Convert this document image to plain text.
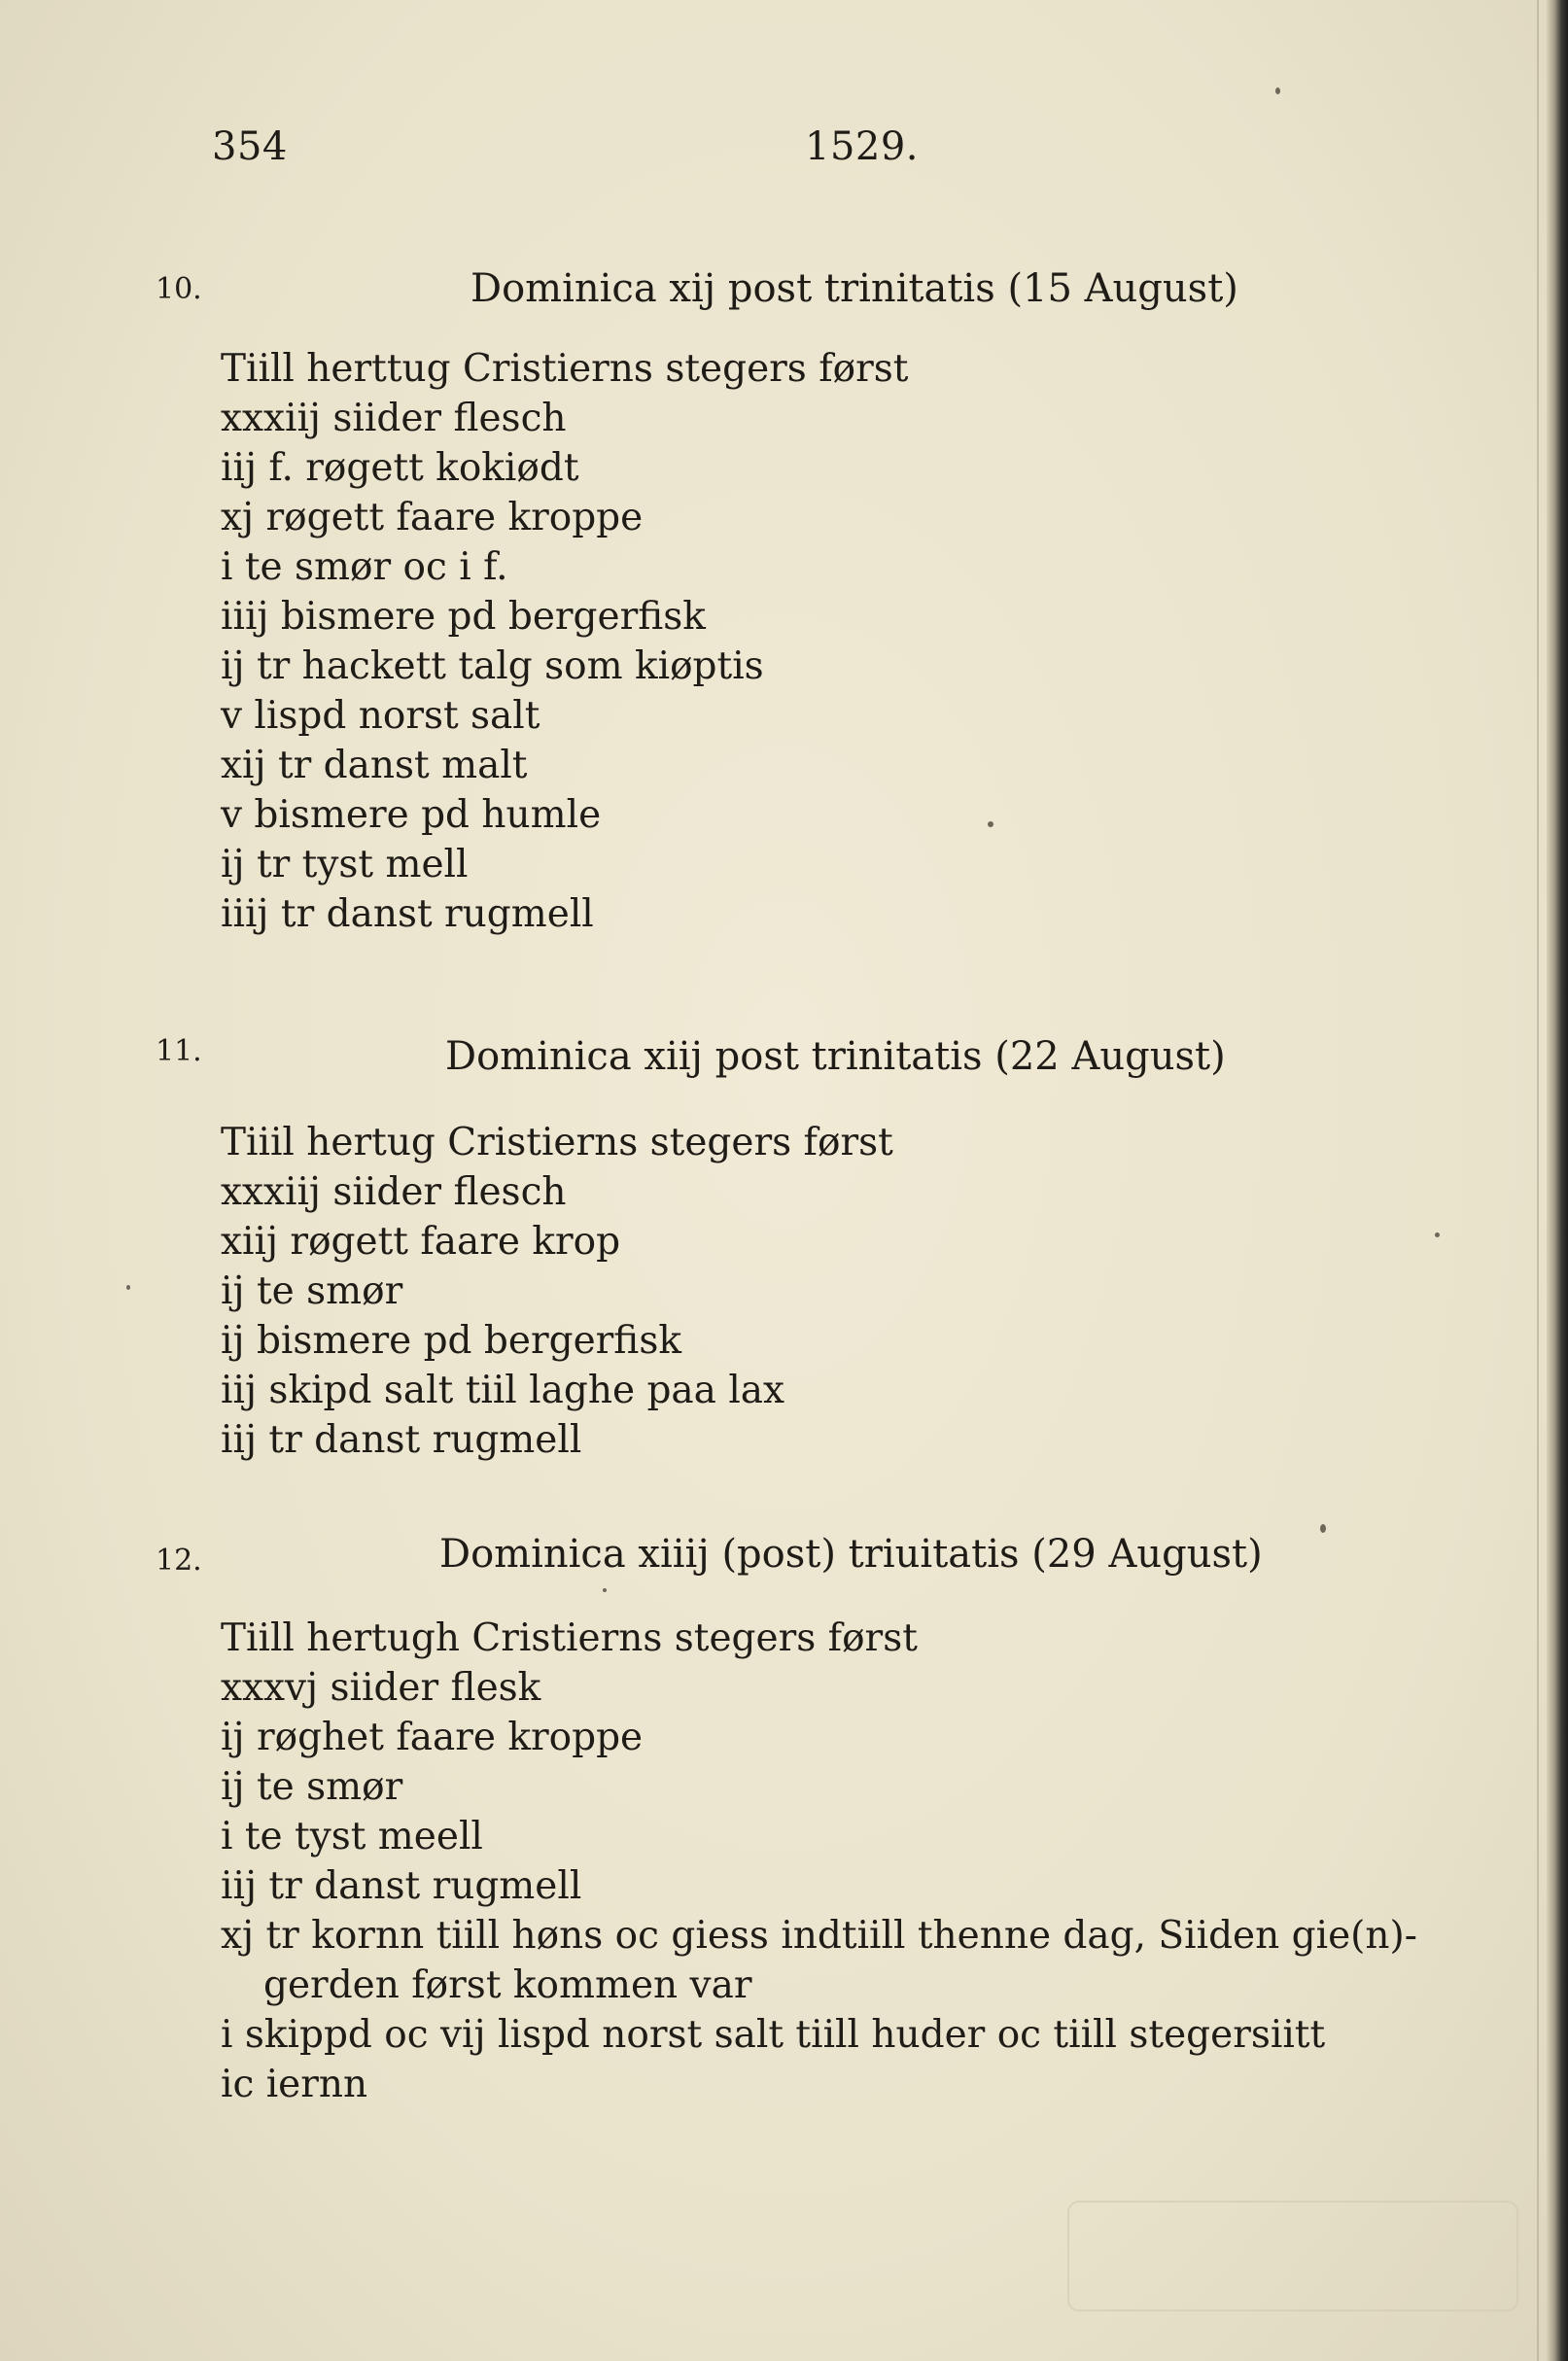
354	1529.
10.	Dominica xij post trinitatis (15 August)
Tiill herttug Cristierns stegers først
xxxiij siider flesch
iij f. røgett kokiødt
xj røgett faare kroppe
i te smør oc i f.
iiij bismere pd bergerfisk
ij tr hackett talg som kiøptis
v lispd norst salt
xij tr danst malt
v bismere pd humle
ij tr tyst mell
iiij tr danst rugmell
11.	Dominica xiij post trinitatis (22 August)
Tiiil hertug Cristierns stegers først
xxxiij siider flesch
xiij røgett faare krop
ij te smør
ij bismere pd bergerfisk
iij skipd salt tiil laghe paa lax
iij tr danst rugmell
12.	Dominica xiiij (post) triuitatis (29 August)
Tiill hertugh Cristierns stegers først
xxxvj siider flesk
ij røghet faare kroppe
ij te smør
i te tyst meell
iij tr danst rugmell
xj tr kornn tiill høns oc giess indtiill thenne dag, Siiden gie(n)-
gerden først kommen var
i skippd oc vij lispd norst salt tiill huder oc tiill stegersiitt
ic iernn
